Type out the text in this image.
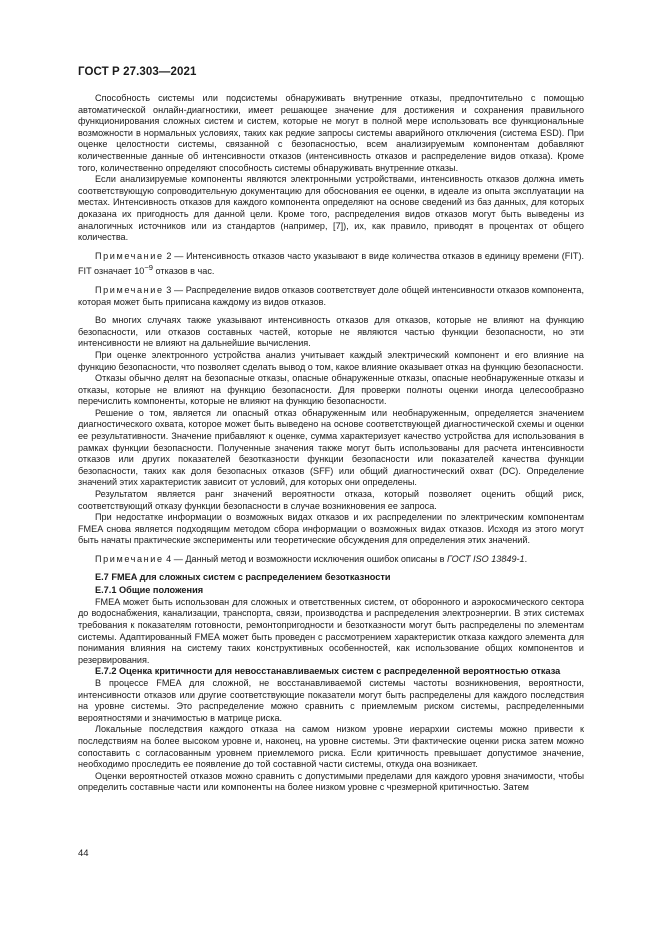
ГОСТ Р 27.303—2021

Способность системы или подсистемы обнаруживать внутренние отказы, предпочтительно с помощью автоматической онлайн-диагностики, имеет решающее значение для достижения и сохранения правильного функционирования сложных систем и систем, которые не могут в полной мере использовать все функциональные возможности в нормальных условиях, таких как редкие запросы системы аварийного отключения (система ESD). При оценке целостности системы, связанной с безопасностью, всем анализируемым компонентам добавляют количественные данные об интенсивности отказов (интенсивность отказов и распределение видов отказа). Кроме того, количественно определяют способность системы обнаруживать внутренние отказы.

Если анализируемые компоненты являются электронными устройствами, интенсивность отказов должна иметь соответствующую сопроводительную документацию для обоснования ее оценки, в идеале из опыта эксплуатации на местах. Интенсивность отказов для каждого компонента определяют на основе сведений из баз данных, для которых доказана их пригодность для данной цели. Кроме того, распределения видов отказов могут быть выведены из аналогичных источников или из стандартов (например, [7]), их, как правило, приводят в процентах от общего количества.

Примечание 2 — Интенсивность отказов часто указывают в виде количества отказов в единицу времени (FIT). FIT означает $10^{-9}$ отказов в час.

Примечание 3 — Распределение видов отказов соответствует доле общей интенсивности отказов компонента, которая может быть приписана каждому из видов отказов.

Во многих случаях также указывают интенсивность отказов для отказов, которые не влияют на функцию безопасности, или отказов составных частей, которые не являются частью функции безопасности, но эти интенсивности не влияют на дальнейшие вычисления.

При оценке электронного устройства анализ учитывает каждый электрический компонент и его влияние на функцию безопасности, что позволяет сделать вывод о том, какое влияние оказывает отказ на функцию безопасности.

Отказы обычно делят на безопасные отказы, опасные обнаруженные отказы, опасные необнаруженные отказы и отказы, которые не влияют на функцию безопасности. Для проверки полноты оценки иногда целесообразно перечислить компоненты, которые не влияют на функцию безопасности.

Решение о том, является ли опасный отказ обнаруженным или необнаруженным, определяется значением диагностического охвата, которое может быть выведено на основе соответствующей диагностической схемы и оценки ее результативности. Значение прибавляют к оценке, сумма характеризует качество устройства для использования в рамках функции безопасности. Полученные значения также могут быть использованы для расчета интенсивности отказов или других показателей безотказности функции безопасности или показателей качества функции безопасности, таких как доля безопасных отказов (SFF) или общий диагностический охват (DC). Определение значений этих характеристик зависит от условий, для которых они определены.

Результатом является ранг значений вероятности отказа, который позволяет оценить общий риск, соответствующий отказу функции безопасности в случае возникновения ее запроса.

При недостатке информации о возможных видах отказов и их распределении по электрическим компонентам FMEA снова является подходящим методом сбора информации о возможных видах отказов. Исходя из этого могут быть начаты практические эксперименты или теоретические обсуждения для определения этих значений.

Примечание 4 — Данный метод и возможности исключения ошибок описаны в ГОСТ ISO 13849-1.

Е.7 FMEA для сложных систем с распределением безотказности
Е.7.1 Общие положения

FMEA может быть использован для сложных и ответственных систем, от оборонного и аэрокосмического сектора до водоснабжения, канализации, транспорта, связи, производства и распределения электроэнергии. В этих системах требования к показателям готовности, ремонтопригодности и безотказности могут быть распределены по элементам системы. Адаптированный FMEA может быть проведен с рассмотрением характеристик отказа каждого элемента для понимания влияния на систему таких конструктивных особенностей, как использование общих компонентов и резервирования.

Е.7.2 Оценка критичности для невосстанавливаемых систем с распределенной вероятностью отказа

В процессе FMEA для сложной, не восстанавливаемой системы частоты возникновения, вероятности, интенсивности отказов или другие соответствующие показатели могут быть распределены для каждого последствия на уровне системы. Это распределение можно сравнить с приемлемым риском системы, распределенными вероятностями и значимостью в матрице риска.

Локальные последствия каждого отказа на самом низком уровне иерархии системы можно привести к последствиям на более высоком уровне и, наконец, на уровне системы. Эти фактические оценки риска затем можно сопоставить с согласованным уровнем приемлемого риска. Если критичность превышает допустимое значение, необходимо проследить ее появление до той составной части системы, откуда она возникает.

Оценки вероятностей отказов можно сравнить с допустимыми пределами для каждого уровня значимости, чтобы определить составные части или компоненты на более низком уровне с чрезмерной критичностью. Затем

44
